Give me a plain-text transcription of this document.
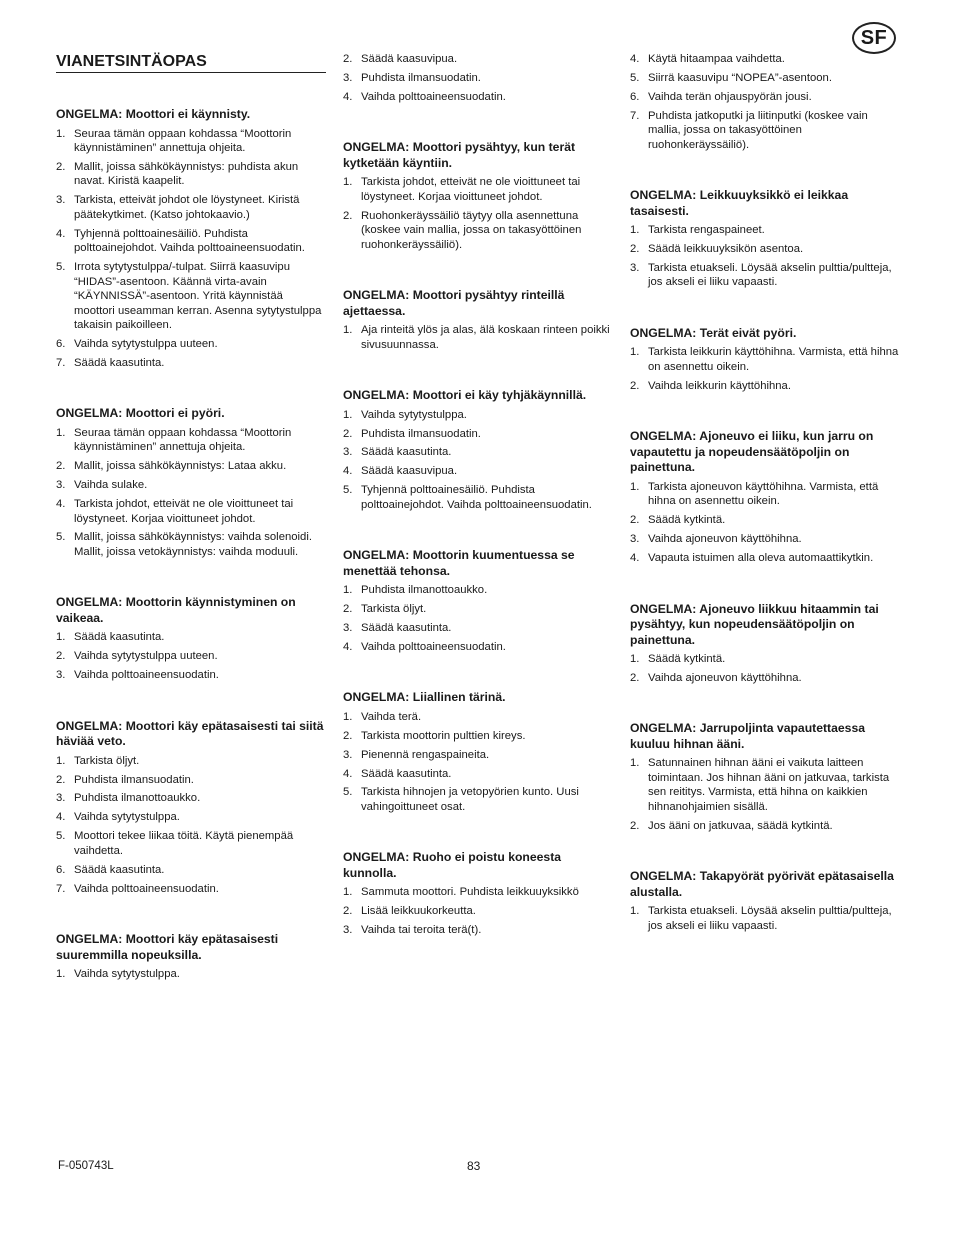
SF
VIANETSINTÄOPAS
ONGELMA: Moottori ei käynnisty.
1. Seuraa tämän oppaan kohdassa “Moottorin käynnistäminen” annettuja ohjeita.
2. Mallit, joissa sähkökäynnistys: puhdista akun navat. Kiristä kaapelit.
3. Tarkista, etteivät johdot ole löystyneet. Kiristä päätekytkimet. (Katso johtokaavio.)
4. Tyhjennä polttoainesäiliö. Puhdista polttoainejohdot. Vaihda polttoaineensuodatin.
5. Irrota sytytystulppa/-tulpat. Siirrä kaasuvipu “HIDAS”-asentoon. Käännä virta-avain “KÄYNNISSÄ”-asentoon. Yritä käynnistää moottori useamman kerran. Asenna sytytystulppa takaisin paikoilleen.
6. Vaihda sytytystulppa uuteen.
7. Säädä kaasutinta.
ONGELMA: Moottori ei pyöri.
1. Seuraa tämän oppaan kohdassa “Moottorin käynnistäminen” annettuja ohjeita.
2. Mallit, joissa sähkökäynnistys: Lataa akku.
3. Vaihda sulake.
4. Tarkista johdot, etteivät ne ole vioittuneet tai löystyneet. Korjaa vioittuneet johdot.
5. Mallit, joissa sähkökäynnistys: vaihda solenoidi. Mallit, joissa vetokäynnistys: vaihda moduuli.
ONGELMA: Moottorin käynnistyminen on vaikeaa.
1. Säädä kaasutinta.
2. Vaihda sytytystulppa uuteen.
3. Vaihda polttoaineensuodatin.
ONGELMA: Moottori käy epätasaisesti tai siitä häviää veto.
1. Tarkista öljyt.
2. Puhdista ilmansuodatin.
3. Puhdista ilmanottoaukko.
4. Vaihda sytytystulppa.
5. Moottori tekee liikaa töitä. Käytä pienempää vaihdetta.
6. Säädä kaasutinta.
7. Vaihda polttoaineensuodatin.
ONGELMA: Moottori käy epätasaisesti suuremmilla nopeuksilla.
1. Vaihda sytytystulppa.
2. Säädä kaasuvipua.
3. Puhdista ilmansuodatin.
4. Vaihda polttoaineensuodatin.
ONGELMA: Moottori pysähtyy, kun terät kytketään käyntiin.
1. Tarkista johdot, etteivät ne ole vioittuneet tai löystyneet. Korjaa vioittuneet johdot.
2. Ruohonkeräyssäiliö täytyy olla asennettuna (koskee vain mallia, jossa on takasyöttöinen ruohonkeräyssäiliö).
ONGELMA: Moottori pysähtyy rinteillä ajettaessa.
1. Aja rinteitä ylös ja alas, älä koskaan rinteen poikki sivusuunnassa.
ONGELMA: Moottori ei käy tyhjäkäynnillä.
1. Vaihda sytytystulppa.
2. Puhdista ilmansuodatin.
3. Säädä kaasutinta.
4. Säädä kaasuvipua.
5. Tyhjennä polttoainesäiliö. Puhdista polttoainejohdot. Vaihda polttoaineensuodatin.
ONGELMA: Moottorin kuumentuessa se menettää tehonsa.
1. Puhdista ilmanottoaukko.
2. Tarkista öljyt.
3. Säädä kaasutinta.
4. Vaihda polttoaineensuodatin.
ONGELMA: Liiallinen tärinä.
1. Vaihda terä.
2. Tarkista moottorin pulttien kireys.
3. Pienennä rengaspaineita.
4. Säädä kaasutinta.
5. Tarkista hihnojen ja vetopyörien kunto. Uusi vahingoittuneet osat.
ONGELMA: Ruoho ei poistu koneesta kunnolla.
1. Sammuta moottori. Puhdista leikkuuyksikkö
2. Lisää leikkuukorkeutta.
3. Vaihda tai teroita terä(t).
4. Käytä hitaampaa vaihdetta.
5. Siirrä kaasuvipu “NOPEA”-asentoon.
6. Vaihda terän ohjauspyörän jousi.
7. Puhdista jatkoputki ja liitinputki (koskee vain mallia, jossa on takasyöttöinen ruohonkeräyssäiliö).
ONGELMA: Leikkuuyksikkö ei leikkaa tasaisesti.
1. Tarkista rengaspaineet.
2. Säädä leikkuuyksikön asentoa.
3. Tarkista etuakseli. Löysää akselin pulttia/pultteja, jos akseli ei liiku vapaasti.
ONGELMA: Terät eivät pyöri.
1. Tarkista leikkurin käyttöhihna. Varmista, että hihna on asennettu oikein.
2. Vaihda leikkurin käyttöhihna.
ONGELMA: Ajoneuvo ei liiku, kun jarru on vapautettu ja nopeudensäätöpoljin on painettuna.
1. Tarkista ajoneuvon käyttöhihna. Varmista, että hihna on asennettu oikein.
2. Säädä kytkintä.
3. Vaihda ajoneuvon käyttöhihna.
4. Vapauta istuimen alla oleva automaattikytkin.
ONGELMA: Ajoneuvo liikkuu hitaammin tai pysähtyy, kun nopeudensäätöpoljin on painettuna.
1. Säädä kytkintä.
2. Vaihda ajoneuvon käyttöhihna.
ONGELMA: Jarrupoljinta vapautettaessa kuuluu hihnan ääni.
1. Satunnainen hihnan ääni ei vaikuta laitteen toimintaan. Jos hihnan ääni on jatkuvaa, tarkista sen reititys. Varmista, että hihna on kaikkien hihnanohjaimien sisällä.
2. Jos ääni on jatkuvaa, säädä kytkintä.
ONGELMA: Takapyörät pyörivät epätasaisella alustalla.
1. Tarkista etuakseli. Löysää akselin pulttia/pultteja, jos akseli ei liiku vapaasti.
F-050743L	83
